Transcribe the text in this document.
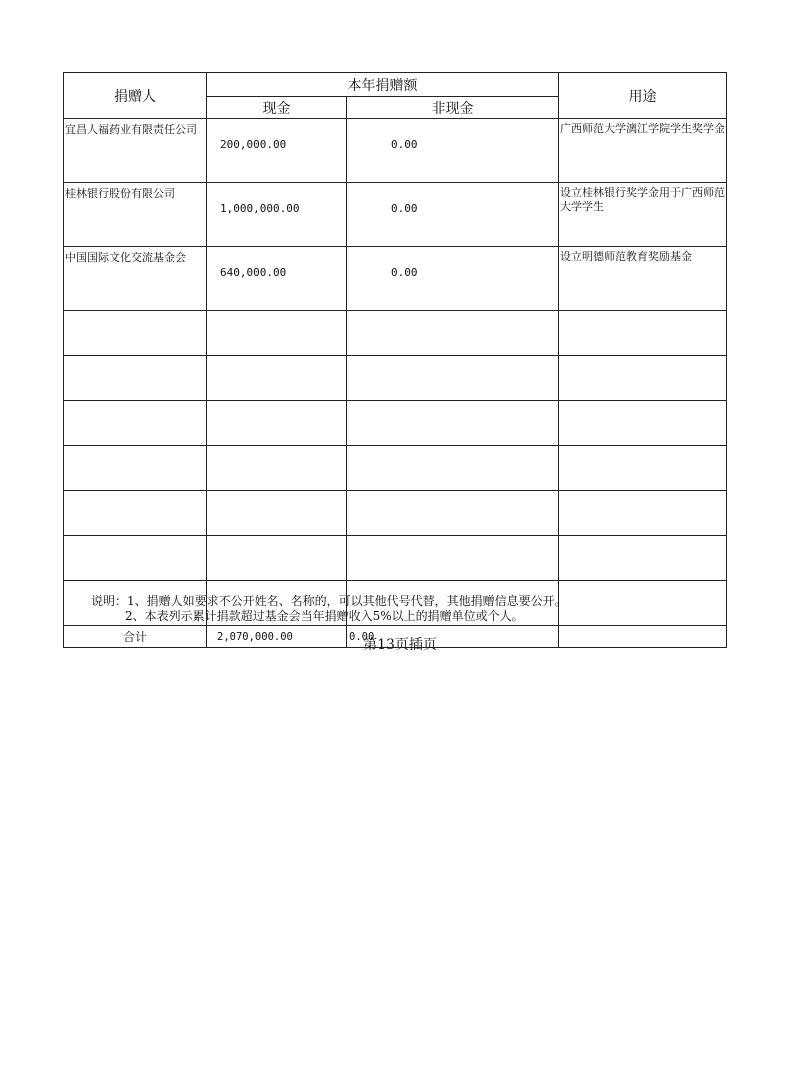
捐赠人	本年捐赠额		用途
	现金	非现金	
宜昌人福药业有限责任公司	200,000.00	0.00	广西师范大学漓江学院学生奖学金
桂林银行股份有限公司	1,000,000.00	0.00	设立桂林银行奖学金用于广西师范大学学生
中国国际文化交流基金会	640,000.00	0.00	设立明德师范教育奖励基金

合计	2,070,000.00	0.00	
说明：1、捐赠人如要求不公开姓名、名称的，可以其他代号代替，其他捐赠信息要公开。
2、本表列示累计捐款超过基金会当年捐赠收入5%以上的捐赠单位或个人。
第13页插页
